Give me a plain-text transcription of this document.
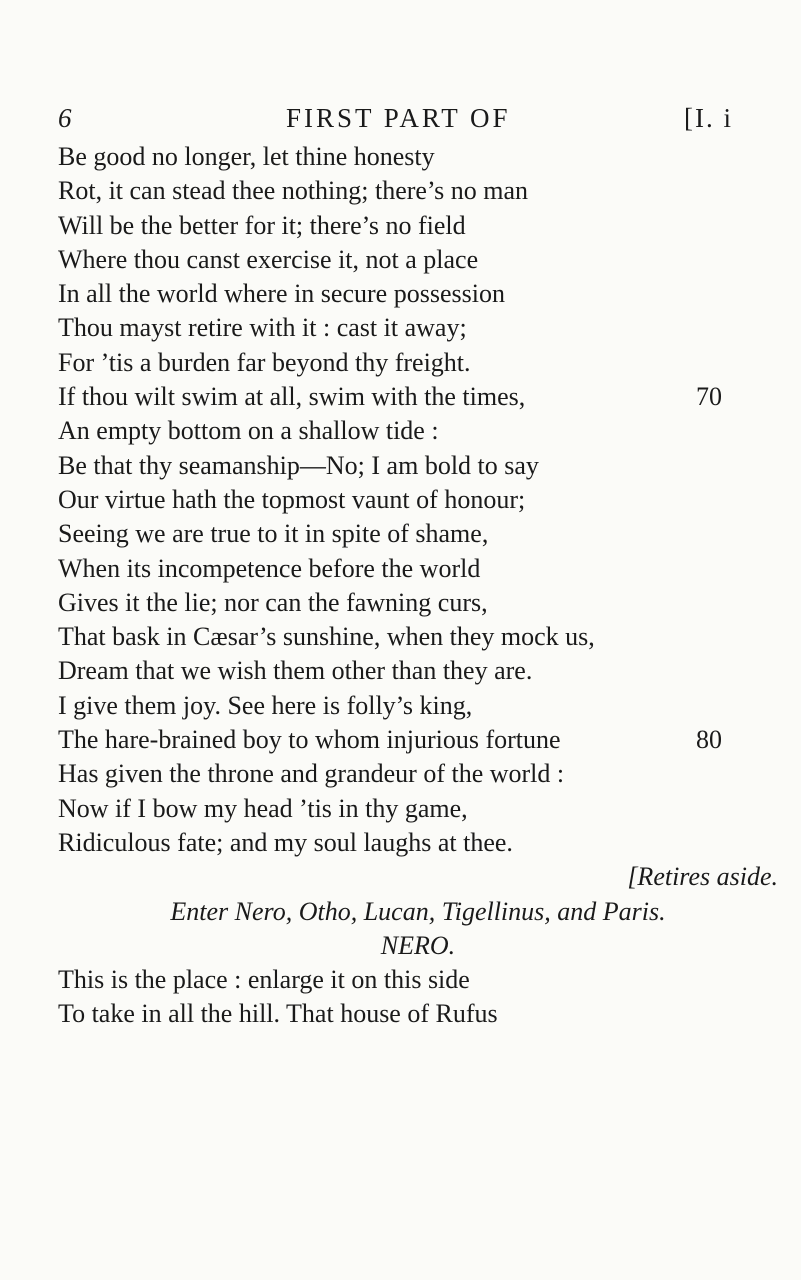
6	FIRST PART OF	[I. i
Be good no longer, let thine honesty
Rot, it can stead thee nothing; there’s no man
Will be the better for it; there’s no field
Where thou canst exercise it, not a place
In all the world where in secure possession
Thou mayst retire with it : cast it away;
For ’tis a burden far beyond thy freight.
If thou wilt swim at all, swim with the times,	70
An empty bottom on a shallow tide :
Be that thy seamanship—No; I am bold to say
Our virtue hath the topmost vaunt of honour;
Seeing we are true to it in spite of shame,
When its incompetence before the world
Gives it the lie; nor can the fawning curs,
That bask in Cæsar’s sunshine, when they mock us,
Dream that we wish them other than they are.
I give them joy. See here is folly’s king,
The hare-brained boy to whom injurious fortune	80
Has given the throne and grandeur of the world :
Now if I bow my head ’tis in thy game,
Ridiculous fate; and my soul laughs at thee.
[Retires aside.
Enter Nero, Otho, Lucan, Tigellinus, and Paris.
NERO.
This is the place : enlarge it on this side
To take in all the hill. That house of Rufus
